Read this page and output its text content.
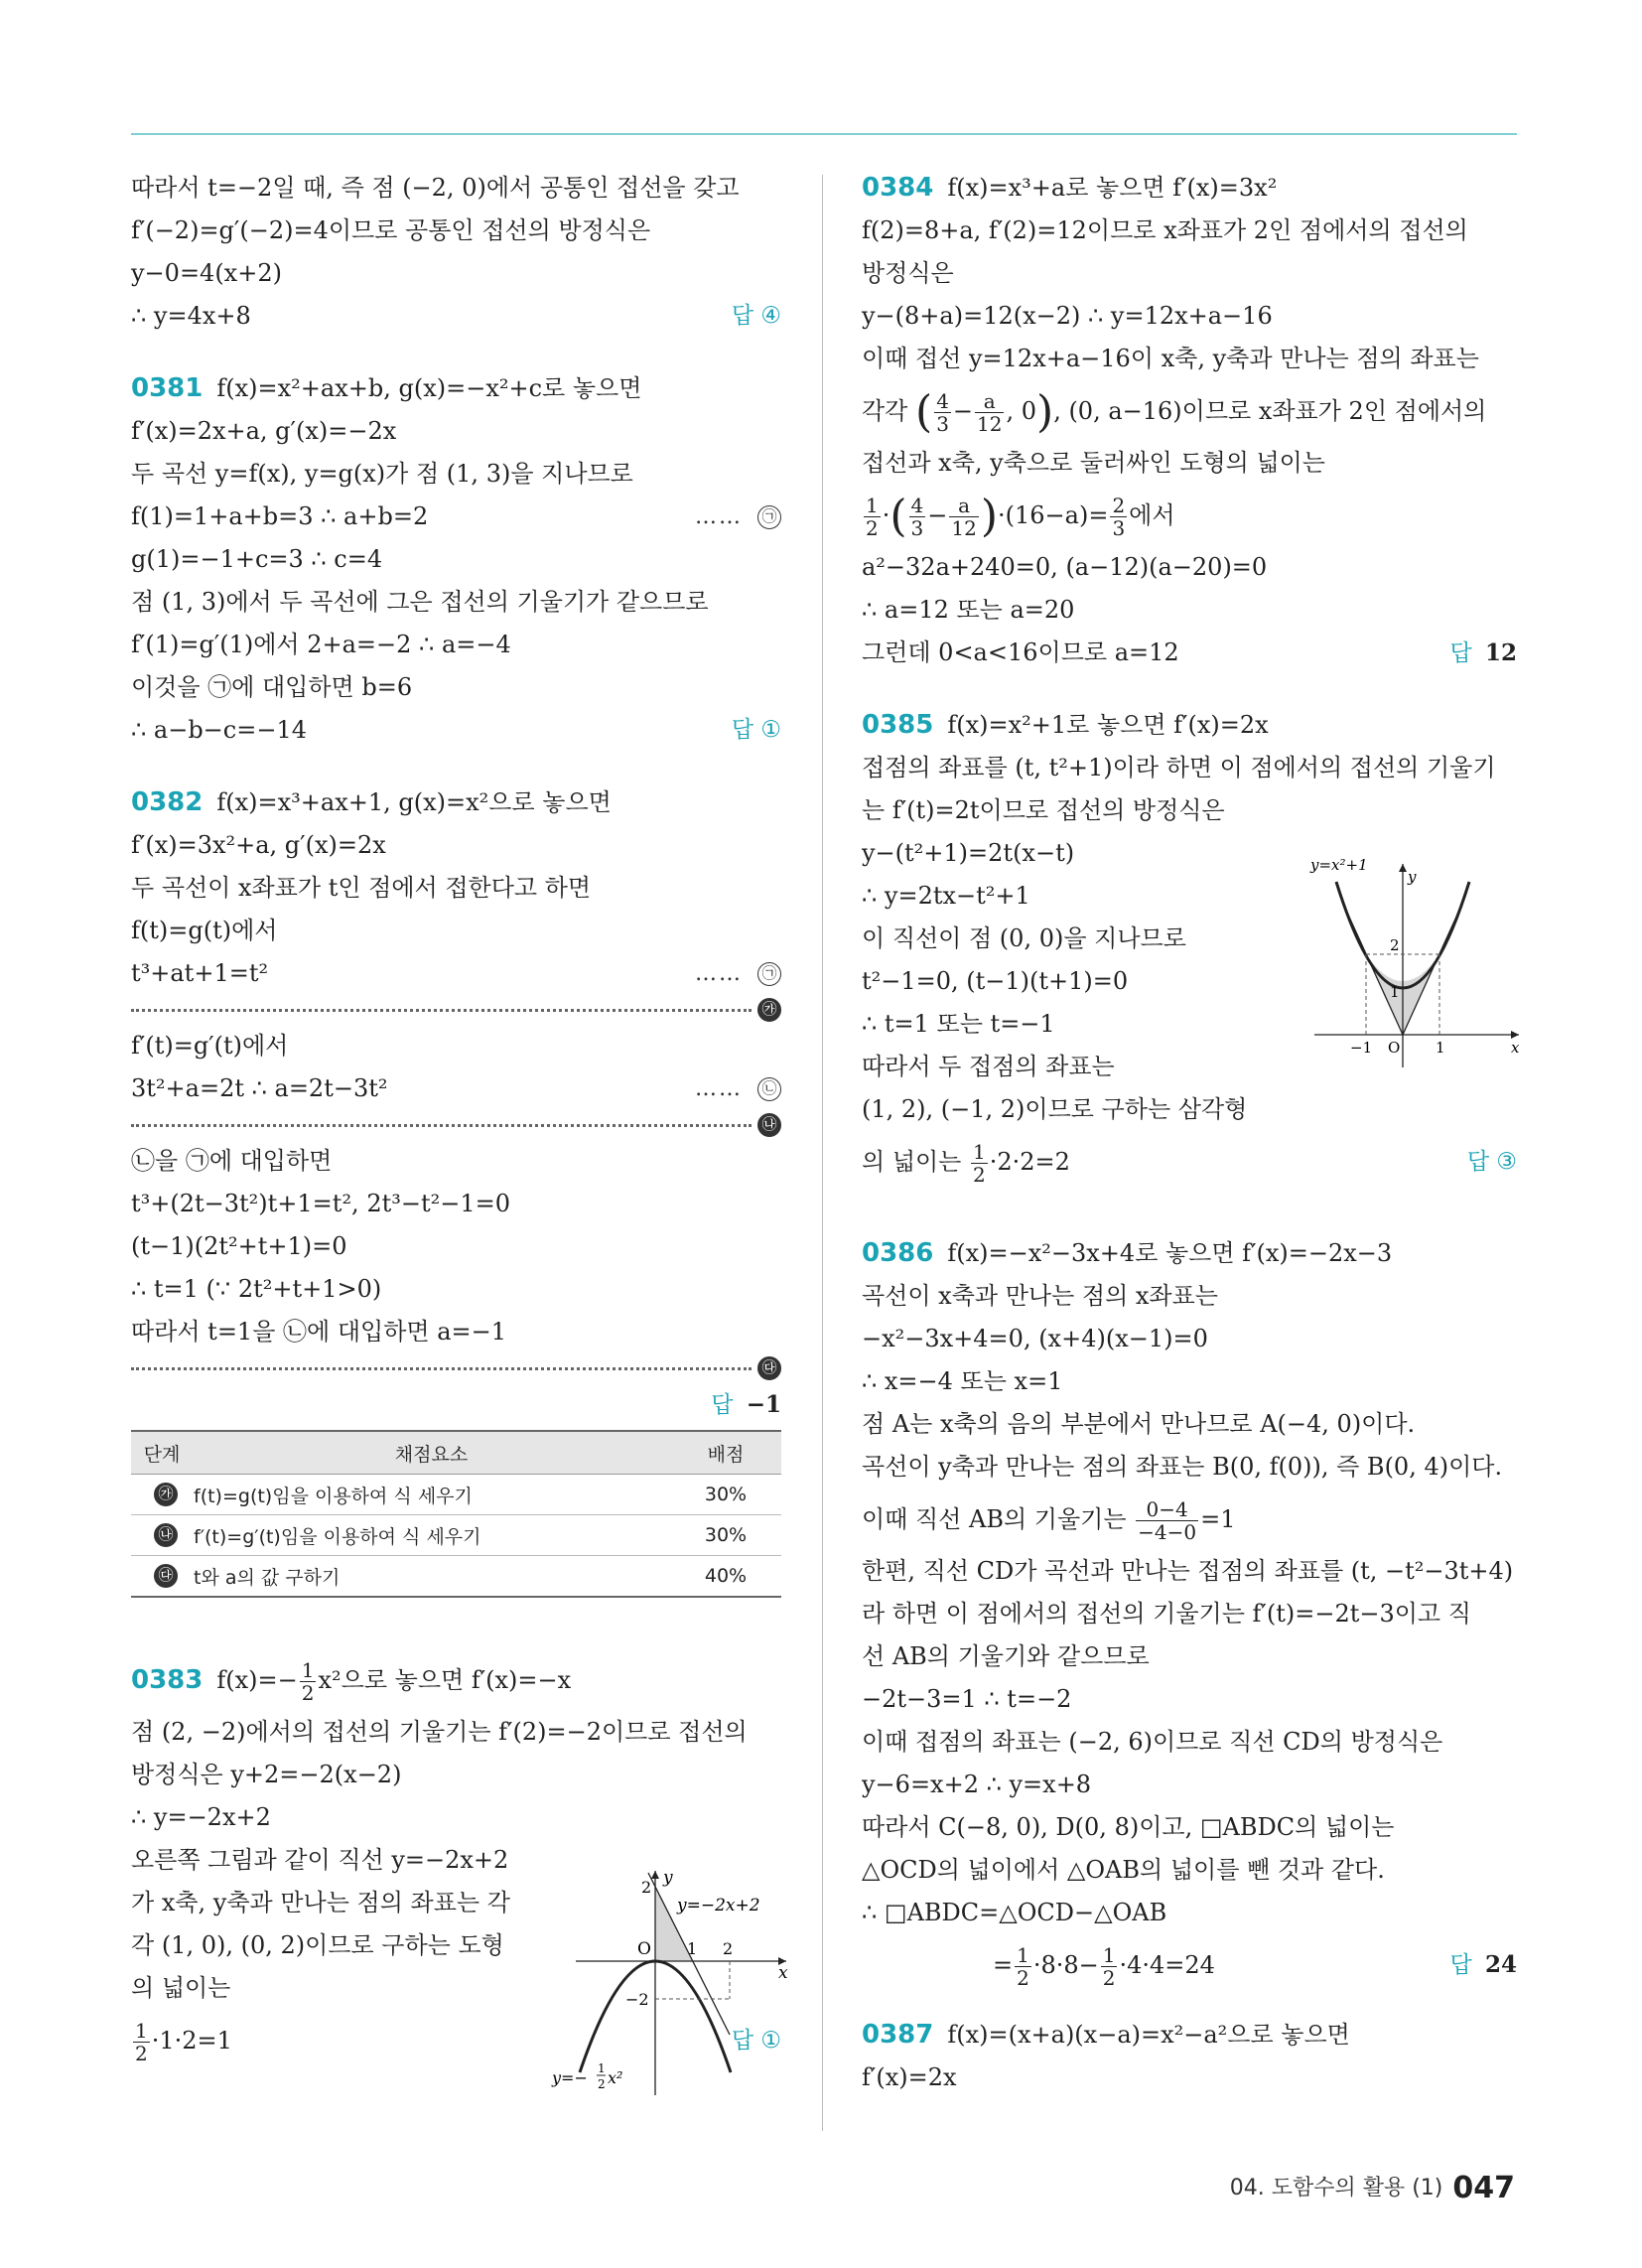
따라서 t=−2일 때, 즉 점 (−2, 0)에서 공통인 접선을 갖고
f′(−2)=g′(−2)=4이므로 공통인 접선의 방정식은
y−0=4(x+2)
∴ y=4x+8	답 ④
0381 f(x)=x²+ax+b, g(x)=−x²+c로 놓으면
f′(x)=2x+a, g′(x)=−2x
두 곡선 y=f(x), y=g(x)가 점 (1, 3)을 지나므로
f(1)=1+a+b=3 ∴ a+b=2	…… ㉠
g(1)=−1+c=3 ∴ c=4
점 (1, 3)에서 두 곡선에 그은 접선의 기울기가 같으므로
f′(1)=g′(1)에서 2+a=−2 ∴ a=−4
이것을 ㉠에 대입하면 b=6
∴ a−b−c=−14	답 ①
0382 f(x)=x³+ax+1, g(x)=x²으로 놓으면
f′(x)=3x²+a, g′(x)=2x
두 곡선이 x좌표가 t인 점에서 접한다고 하면
f(t)=g(t)에서
t³+at+1=t²	…… ㉠
㉮
f′(t)=g′(t)에서
3t²+a=2t ∴ a=2t−3t²	…… ㉡
㉯
㉡을 ㉠에 대입하면
t³+(2t−3t²)t+1=t², 2t³−t²−1=0
(t−1)(2t²+t+1)=0
∴ t=1 (∵ 2t²+t+1>0)
따라서 t=1을 ㉡에 대입하면 a=−1
㉰
답 −1
단계	채점요소	배점
㉮	f(t)=g(t)임을 이용하여 식 세우기	30%
㉯	f′(t)=g′(t)임을 이용하여 식 세우기	30%
㉰	t와 a의 값 구하기	40%
0383 $f(x)=- \frac{1}{2} x^2$으로 놓으면 f′(x)=−x
점 (2, −2)에서의 접선의 기울기는 f′(2)=−2이므로 접선의
방정식은 y+2=−2(x−2)
∴ y=−2x+2
오른쪽 그림과 같이 직선 y=−2x+2
가 x축, y축과 만나는 점의 좌표는 각
각 (1, 0), (0, 2)이므로 구하는 도형
의 넓이는
$\frac{1}{2} \cdot 1\cdot 2=1$	답 ①
y
x
O
2
1 2
−2
y=−2x+2
y=− 1
2 x²
0384 f(x)=x³+a로 놓으면 f′(x)=3x²
f(2)=8+a, f′(2)=12이므로 x좌표가 2인 점에서의 접선의
방정식은
y−(8+a)=12(x−2) ∴ y=12x+a−16
이때 접선 y=12x+a−16이 x축, y축과 만나는 점의 좌표는
각각 ( $\frac{4}{3} - \frac{a}{12}$ , 0), (0, a−16)이므로 x좌표가 2인 점에서의
접선과 x축, y축으로 둘러싸인 도형의 넓이는
$\frac{1}{2}$ ·( $\frac{4}{3} - \frac{a}{12} )\cdot(16-a)= \frac{2}{3}$ 에서
a²−32a+240=0, (a−12)(a−20)=0
∴ a=12 또는 a=20
그런데 0<a<16이므로 a=12	답 12
0385 f(x)=x²+1로 놓으면 f′(x)=2x
접점의 좌표를 (t, t²+1)이라 하면 이 점에서의 접선의 기울기
는 f′(t)=2t이므로 접선의 방정식은
y−(t²+1)=2t(x−t)
∴ y=2tx−t²+1
이 직선이 점 (0, 0)을 지나므로
t²−1=0, (t−1)(t+1)=0
∴ t=1 또는 t=−1
따라서 두 접점의 좌표는
(1, 2), (−1, 2)이므로 구하는 삼각형
의 넓이는 $\frac{1}{2} \cdot 2\cdot 2=2$	답 ③
0386 f(x)=−x²−3x+4로 놓으면 f′(x)=−2x−3
곡선이 x축과 만나는 점의 x좌표는
−x²−3x+4=0, (x+4)(x−1)=0
∴ x=−4 또는 x=1
점 A는 x축의 음의 부분에서 만나므로 A(−4, 0)이다.
곡선이 y축과 만나는 점의 좌표는 B(0, f(0)), 즉 B(0, 4)이다.
이때 직선 AB의 기울기는 $\frac{0-4}{-4-0} =1$
한편, 직선 CD가 곡선과 만나는 접점의 좌표를 (t, −t²−3t+4)
라 하면 이 점에서의 접선의 기울기는 f′(t)=−2t−3이고 직
선 AB의 기울기와 같으므로
−2t−3=1 ∴ t=−2
이때 접점의 좌표는 (−2, 6)이므로 직선 CD의 방정식은
y−6=x+2 ∴ y=x+8
따라서 C(−8, 0), D(0, 8)이고, □ABDC의 넓이는
△OCD의 넓이에서 △OAB의 넓이를 뺀 것과 같다.
∴ □ABDC=△OCD−△OAB
= $\frac{1}{2} \cdot 8\cdot 8- \frac{1}{2} \cdot 4\cdot 4=24$	답 24
0387 f(x)=(x+a)(x−a)=x²−a²으로 놓으면
f′(x)=2x
y=x²+1
y
x
O
2
1
−1	1
04. 도함수의 활용 (1) 047
